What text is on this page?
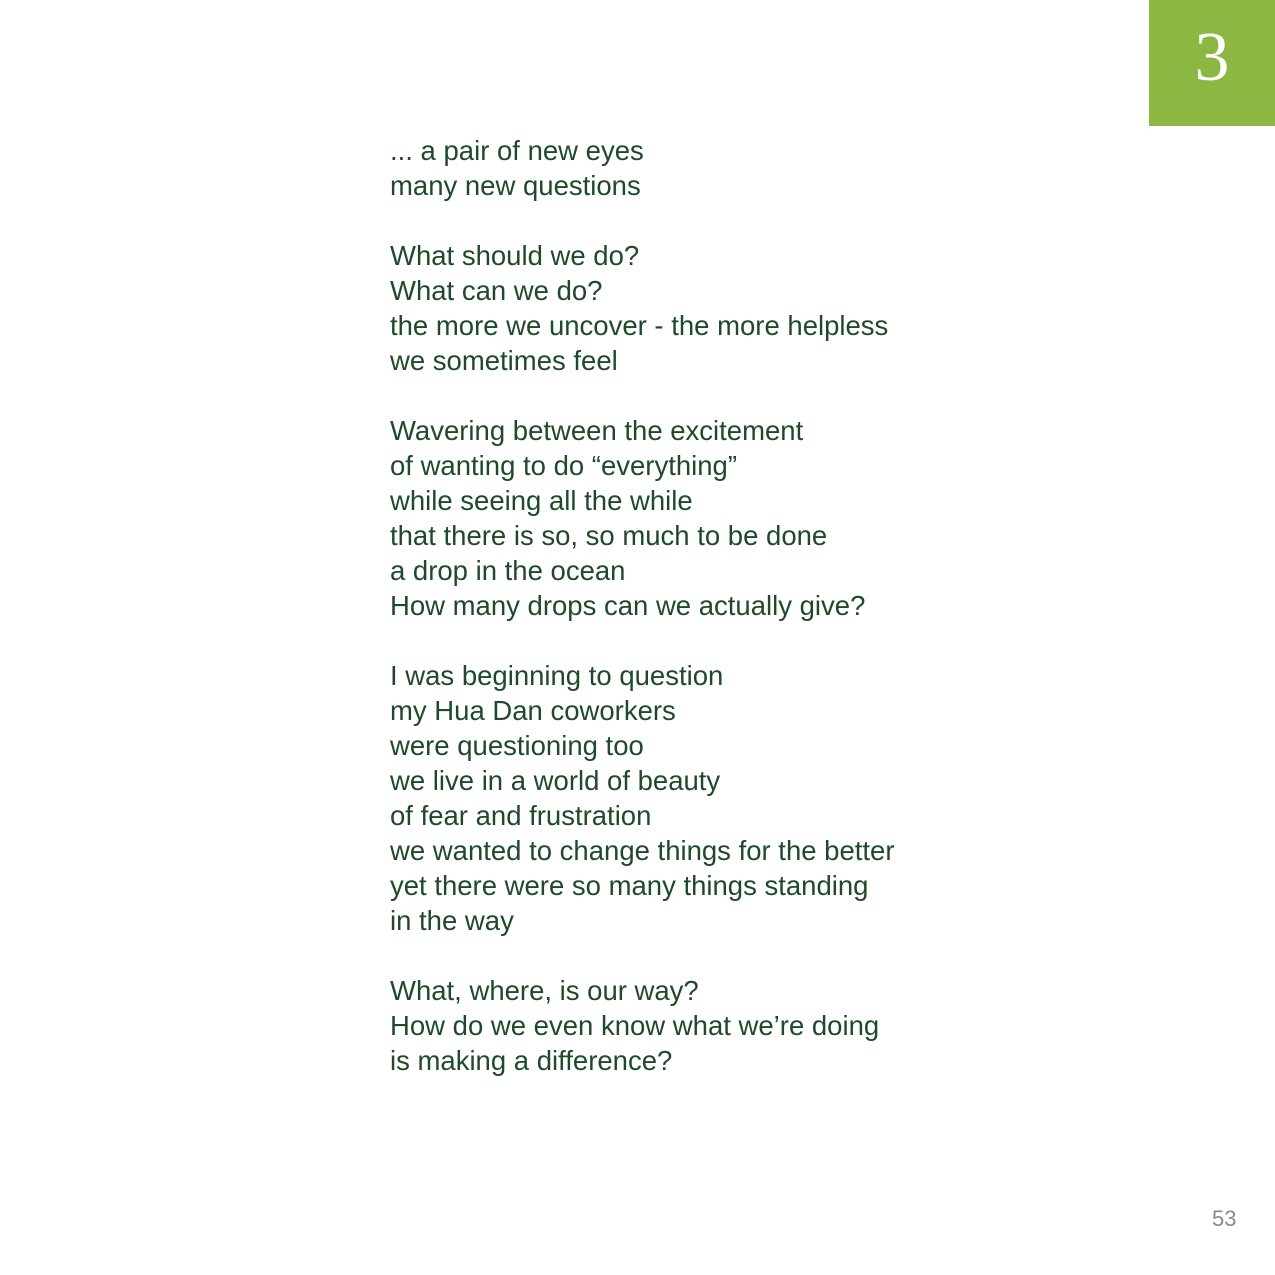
3
... a pair of new eyes
many new questions
What should we do?
What can we do?
the more we uncover - the more helpless
we sometimes feel
Wavering between the excitement
of wanting to do “everything”
while seeing all the while
that there is so, so much to be done
a drop in the ocean
How many drops can we actually give?
I was beginning to question
my Hua Dan coworkers
were questioning too
we live in a world of beauty
of fear and frustration
we wanted to change things for the better
yet there were so many things standing
in the way
What, where, is our way?
How do we even know what we’re doing
is making a difference?
53
